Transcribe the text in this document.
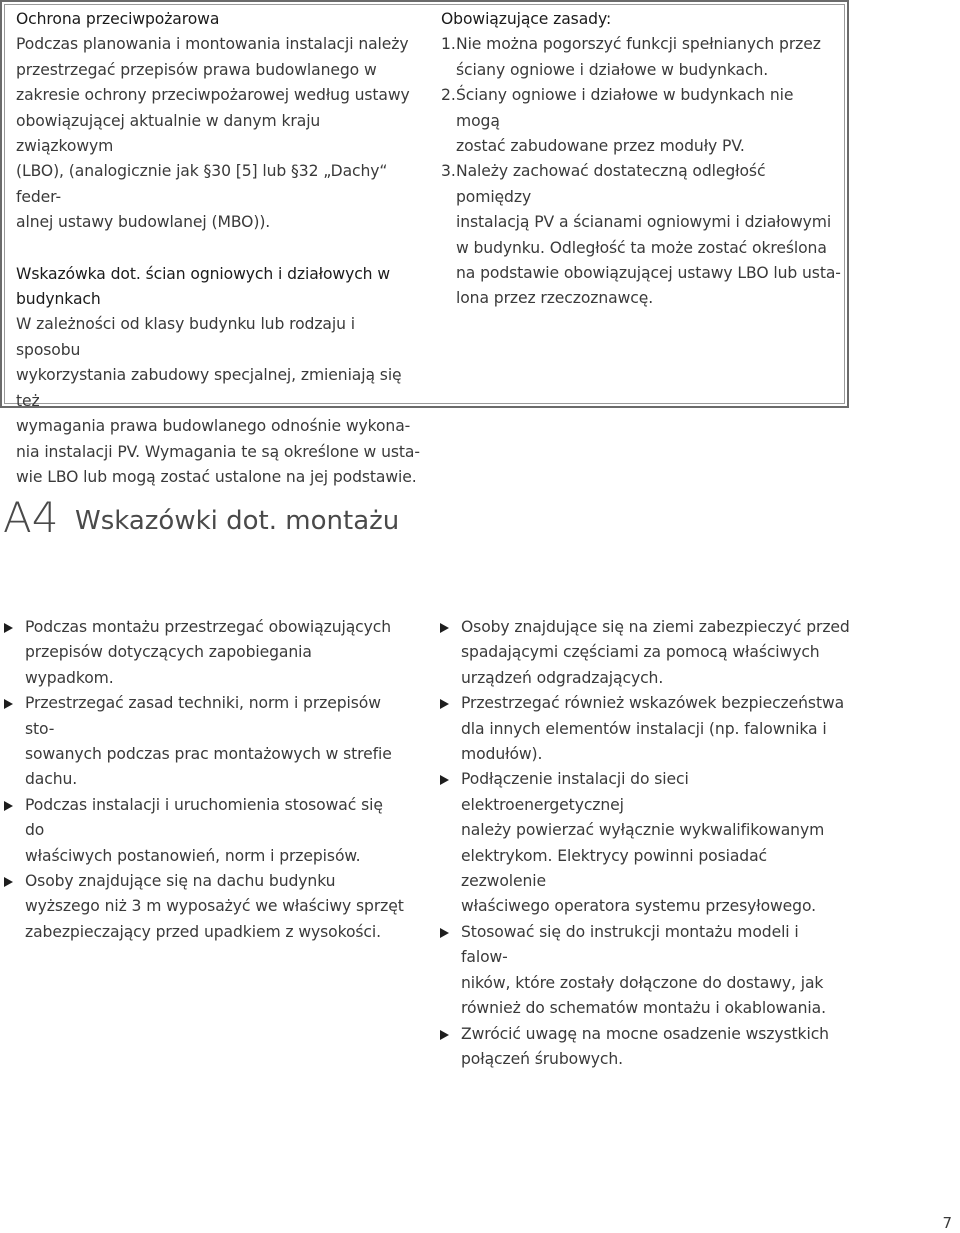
Ochrona przeciwpożarowa

Podczas planowania i montowania instalacji należy
przestrzegać przepisów prawa budowlanego w
zakresie ochrony przeciwpożarowej według ustawy
obowiązującej aktualnie w danym kraju związkowym
(LBO), (analogicznie jak §30 [5] lub §32 „Dachy“ feder-
alnej ustawy budowlanej (MBO)).
Wskazówka dot. ścian ogniowych i działowych w
budynkach
W zależności od klasy budynku lub rodzaju i sposobu
wykorzystania zabudowy specjalnej, zmieniają się też
wymagania prawa budowlanego odnośnie wykona-
nia instalacji PV. Wymagania te są określone w usta-
wie LBO lub mogą zostać ustalone na jej podstawie.

Obowiązujące zasady:

1. Nie można pogorszyć funkcji spełnianych przez
ściany ogniowe i działowe w budynkach.
2. Ściany ogniowe i działowe w budynkach nie mogą
zostać zabudowane przez moduły PV.
3. Należy zachować dostateczną odległość pomiędzy
instalacją PV a ścianami ogniowymi i działowymi
w budynku. Odległość ta może zostać określona
na podstawie obowiązującej ustawy LBO lub usta-
lona przez rzeczoznawcę.
A4 Wskazówki dot. montażu
Podczas montażu przestrzegać obowiązujących
przepisów dotyczących zapobiegania wypadkom.
Przestrzegać zasad techniki, norm i przepisów sto-
sowanych podczas prac montażowych w strefie
dachu.
Podczas instalacji i uruchomienia stosować się do
właściwych postanowień, norm i przepisów.
Osoby znajdujące się na dachu budynku
wyższego niż 3 m wyposażyć we właściwy sprzęt
zabezpieczający przed upadkiem z wysokości.
Osoby znajdujące się na ziemi zabezpieczyć przed
spadającymi częściami za pomocą właściwych
urządzeń odgradzających.
Przestrzegać również wskazówek bezpieczeństwa
dla innych elementów instalacji (np. falownika i
modułów).
Podłączenie instalacji do sieci elektroenergetycznej
należy powierzać wyłącznie wykwalifikowanym
elektrykom. Elektrycy powinni posiadać zezwolenie
właściwego operatora systemu przesyłowego.
Stosować się do instrukcji montażu modeli i falow-
ników, które zostały dołączone do dostawy, jak
również do schematów montażu i okablowania.
Zwrócić uwagę na mocne osadzenie wszystkich
połączeń śrubowych.
7
